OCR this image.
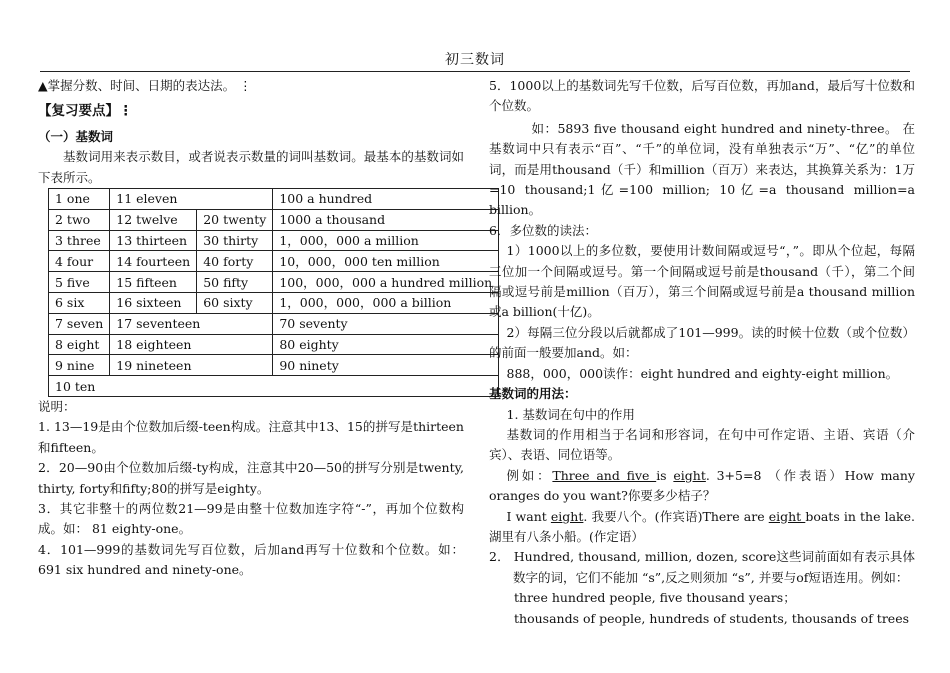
初三数词

▲掌握分数、时间、日期的表达法。 ⋮

【复习要点】⋮

（一）基数词

基数词用来表示数目，或者说表示数量的词叫基数词。最基本的基数词如下表所示。

1 one	11 eleven		100 a hundred
2 two	12 twelve	20 twenty	1000 a thousand
3 three	13 thirteen	30 thirty	1，000，000 a million
4 four	14 fourteen	40 forty	10，000，000 ten million
5 five	15 fifteen	50 fifty	100，000，000 a hundred million
6 six	16 sixteen	60 sixty	1，000，000，000 a billion
7 seven	17 seventeen		70 seventy
8 eight	18 eighteen		80 eighty
9 nine	19 nineteen		90 ninety
10 ten			

说明：

1. 13—19是由个位数加后缀-teen构成。注意其中13、15的拼写是thirteen和fifteen。

2．20—90由个位数加后缀-ty构成，注意其中20—50的拼写分别是twenty, thirty, forty和fifty;80的拼写是eighty。

3．其它非整十的两位数21—99是由整十位数加连字符“-”，再加个位数构成。如： 81 eighty-one。

4．101—999的基数词先写百位数，后加and再写十位数和个位数。如：691 six hundred and ninety-one。

5．1000以上的基数词先写千位数，后写百位数，再加and，最后写十位数和个位数。

如：5893 five thousand eight hundred and ninety-three。 在基数词中只有表示“百”、“千”的单位词，没有单独表示“万”、“亿”的单位词，而是用thousand（千）和million（百万）来表达，其换算关系为：1万=10 thousand;1亿=100 million; 10亿=a thousand million=a billion。

6．多位数的读法：

1）1000以上的多位数，要使用计数间隔或逗号“，”。即从个位起，每隔三位加一个间隔或逗号。第一个间隔或逗号前是thousand（千），第二个间隔或逗号前是million（百万），第三个间隔或逗号前是a thousand million或a billion(十亿)。

2）每隔三位分段以后就都成了101—999。读的时候十位数（或个位数）的前面一般要加and。如：

888，000，000读作：eight hundred and eighty-eight million。

基数词的用法：

1. 基数词在句中的作用

基数词的作用相当于名词和形容词，在句中可作定语、主语、宾语（介宾）、表语、同位语等。

例如：Three and five is eight. 3+5=8 （作表语）How many oranges do you want?你要多少桔子？

I want eight. 我要八个。(作宾语)There are eight boats in the lake. 湖里有八条小船。(作定语）

2． Hundred, thousand, million, dozen, score这些词前面如有表示具体数字的词，它们不能加 “s”,反之则须加 “s”, 并要与of短语连用。例如：

three hundred people, five thousand years；

thousands of people, hundreds of students, thousands of trees
